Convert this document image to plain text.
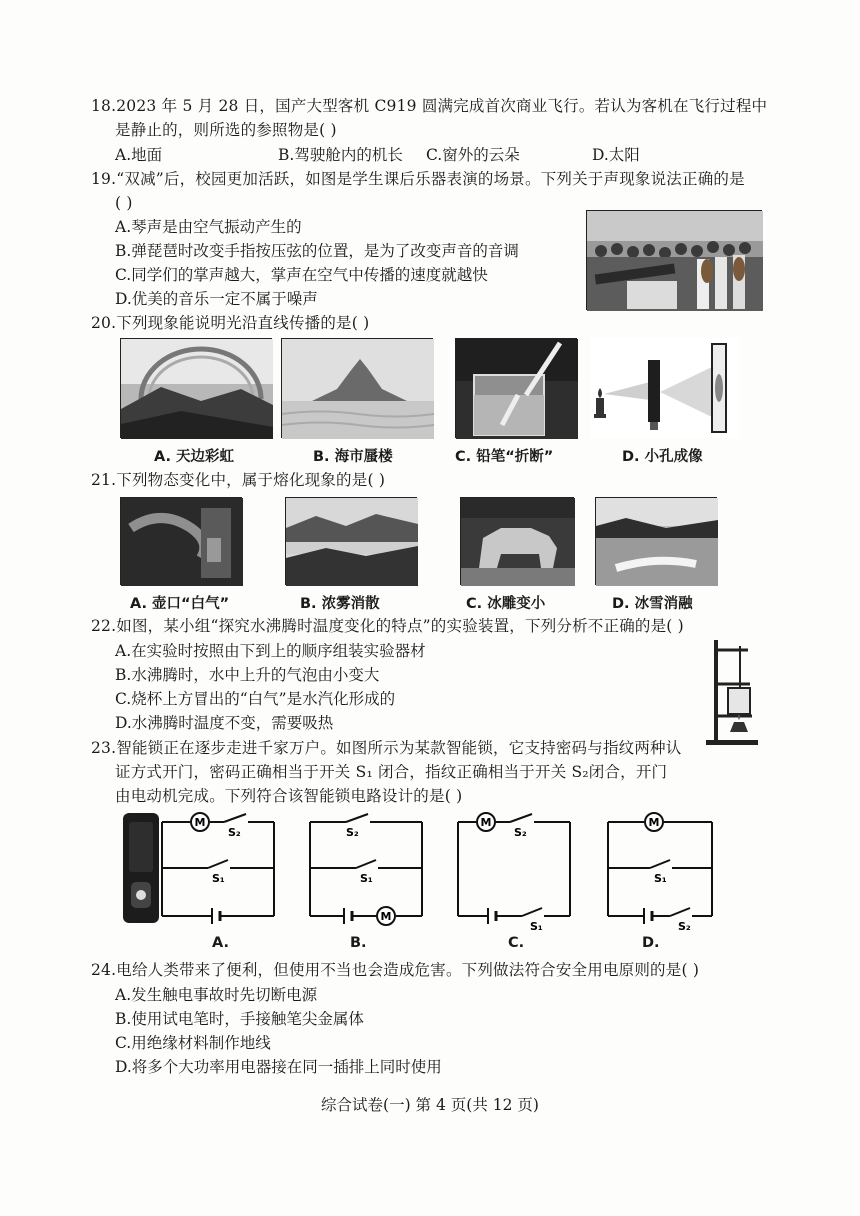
18.2023 年 5 月 28 日，国产大型客机 C919 圆满完成首次商业飞行。若认为客机在飞行过程中
是静止的，则所选的参照物是( )
A.地面	B.驾驶舱内的机长 C.窗外的云朵	D.太阳
19.“双减”后，校园更加活跃，如图是学生课后乐器表演的场景。下列关于声现象说法正确的是
( )
A.琴声是由空气振动产生的
B.弹琵琶时改变手指按压弦的位置，是为了改变声音的音调
C.同学们的掌声越大，掌声在空气中传播的速度就越快
D.优美的音乐一定不属于噪声
20.下列现象能说明光沿直线传播的是( )
A. 天边彩虹	B. 海市蜃楼	C. 铅笔“折断”	D. 小孔成像
21.下列物态变化中，属于熔化现象的是( )
A. 壶口“白气”	B. 浓雾消散	C. 冰雕变小	D. 冰雪消融
22.如图，某小组“探究水沸腾时温度变化的特点”的实验装置，下列分析不正确的是( )
A.在实验时按照由下到上的顺序组装实验器材
B.水沸腾时，水中上升的气泡由小变大
C.烧杯上方冒出的“白气”是水汽化形成的
D.水沸腾时温度不变，需要吸热
23.智能锁正在逐步走进千家万户。如图所示为某款智能锁，它支持密码与指纹两种认
证方式开门，密码正确相当于开关 S₁ 闭合，指纹正确相当于开关 S₂闭合，开门
由电动机完成。下列符合该智能锁电路设计的是( )
M
S₂
S₁
M
S₂
S₁
M
S₂
S₁
M
S₁
S₂
A.	B.	C.	D.
24.电给人类带来了便利，但使用不当也会造成危害。下列做法符合安全用电原则的是( )
A.发生触电事故时先切断电源
B.使用试电笔时，手接触笔尖金属体
C.用绝缘材料制作地线
D.将多个大功率用电器接在同一插排上同时使用
综合试卷(一) 第 4 页(共 12 页)
